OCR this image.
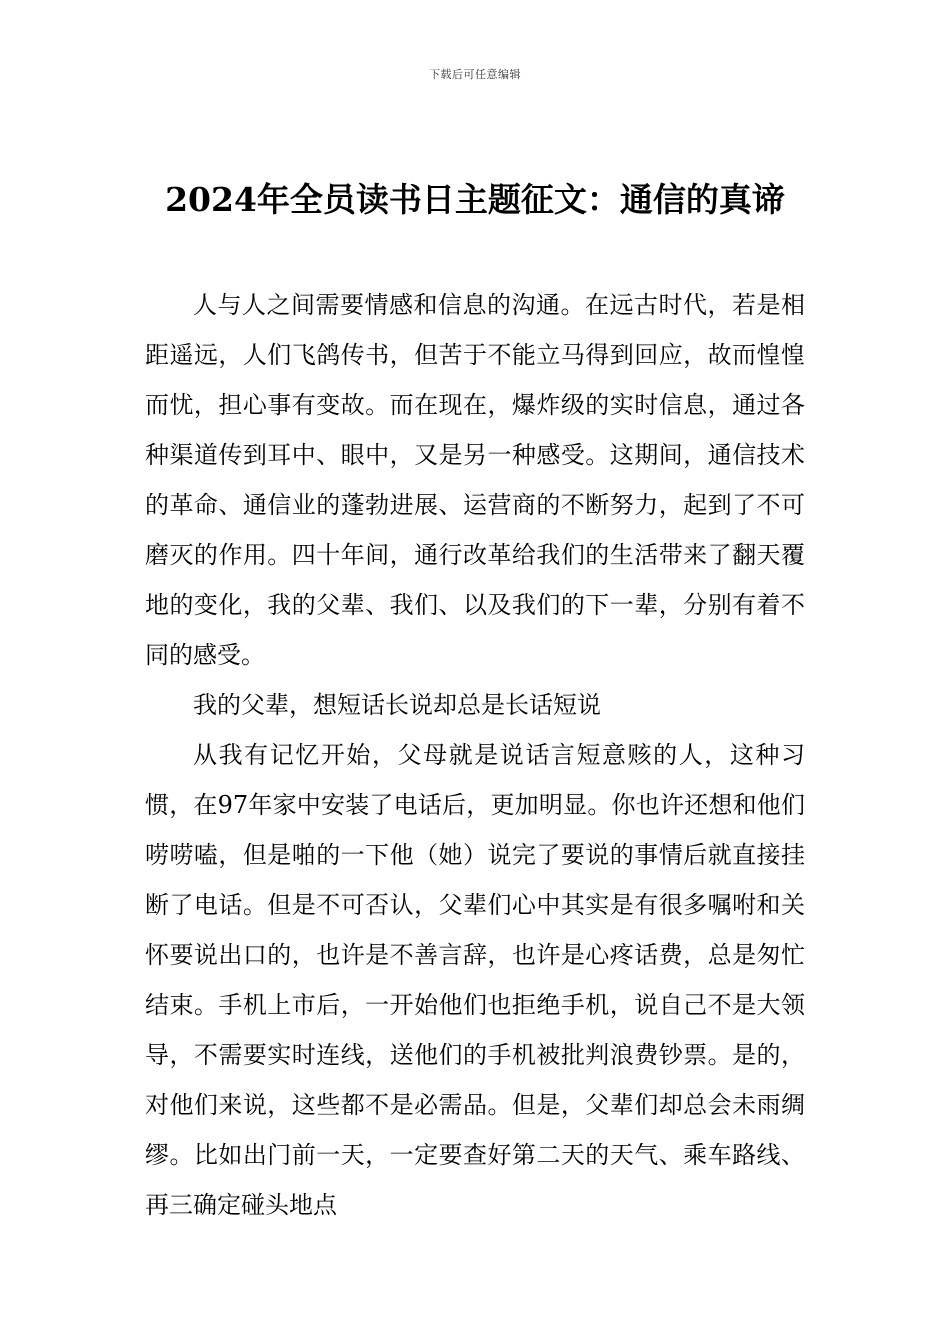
下载后可任意编辑
2024年全员读书日主题征文：通信的真谛

人与人之间需要情感和信息的沟通。在远古时代，若是相距遥远，人们飞鸽传书，但苦于不能立马得到回应，故而惶惶而忧，担心事有变故。而在现在，爆炸级的实时信息，通过各种渠道传到耳中、眼中，又是另一种感受。这期间，通信技术的革命、通信业的蓬勃进展、运营商的不断努力，起到了不可磨灭的作用。四十年间，通行改革给我们的生活带来了翻天覆地的变化，我的父辈、我们、以及我们的下一辈，分别有着不同的感受。

我的父辈，想短话长说却总是长话短说

从我有记忆开始，父母就是说话言短意赅的人，这种习惯，在97年家中安装了电话后，更加明显。你也许还想和他们唠唠嗑，但是啪的一下他（她）说完了要说的事情后就直接挂断了电话。但是不可否认，父辈们心中其实是有很多嘱咐和关怀要说出口的，也许是不善言辞，也许是心疼话费，总是匆忙结束。手机上市后，一开始他们也拒绝手机，说自己不是大领导，不需要实时连线，送他们的手机被批判浪费钞票。是的，对他们来说，这些都不是必需品。但是，父辈们却总会未雨绸缪。比如出门前一天，一定要查好第二天的天气、乘车路线、再三确定碰头地点
